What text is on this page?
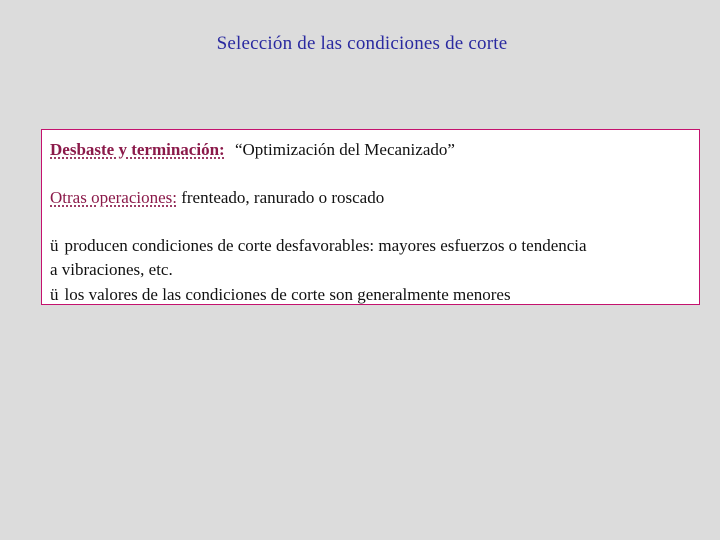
Selección de las condiciones de corte
Desbaste y terminación: “Optimización del Mecanizado”
Otras operaciones: frenteado, ranurado o roscado
ü producen condiciones de corte desfavorables: mayores esfuerzos o tendencia
a vibraciones, etc.
ü los valores de las condiciones de corte son generalmente menores
